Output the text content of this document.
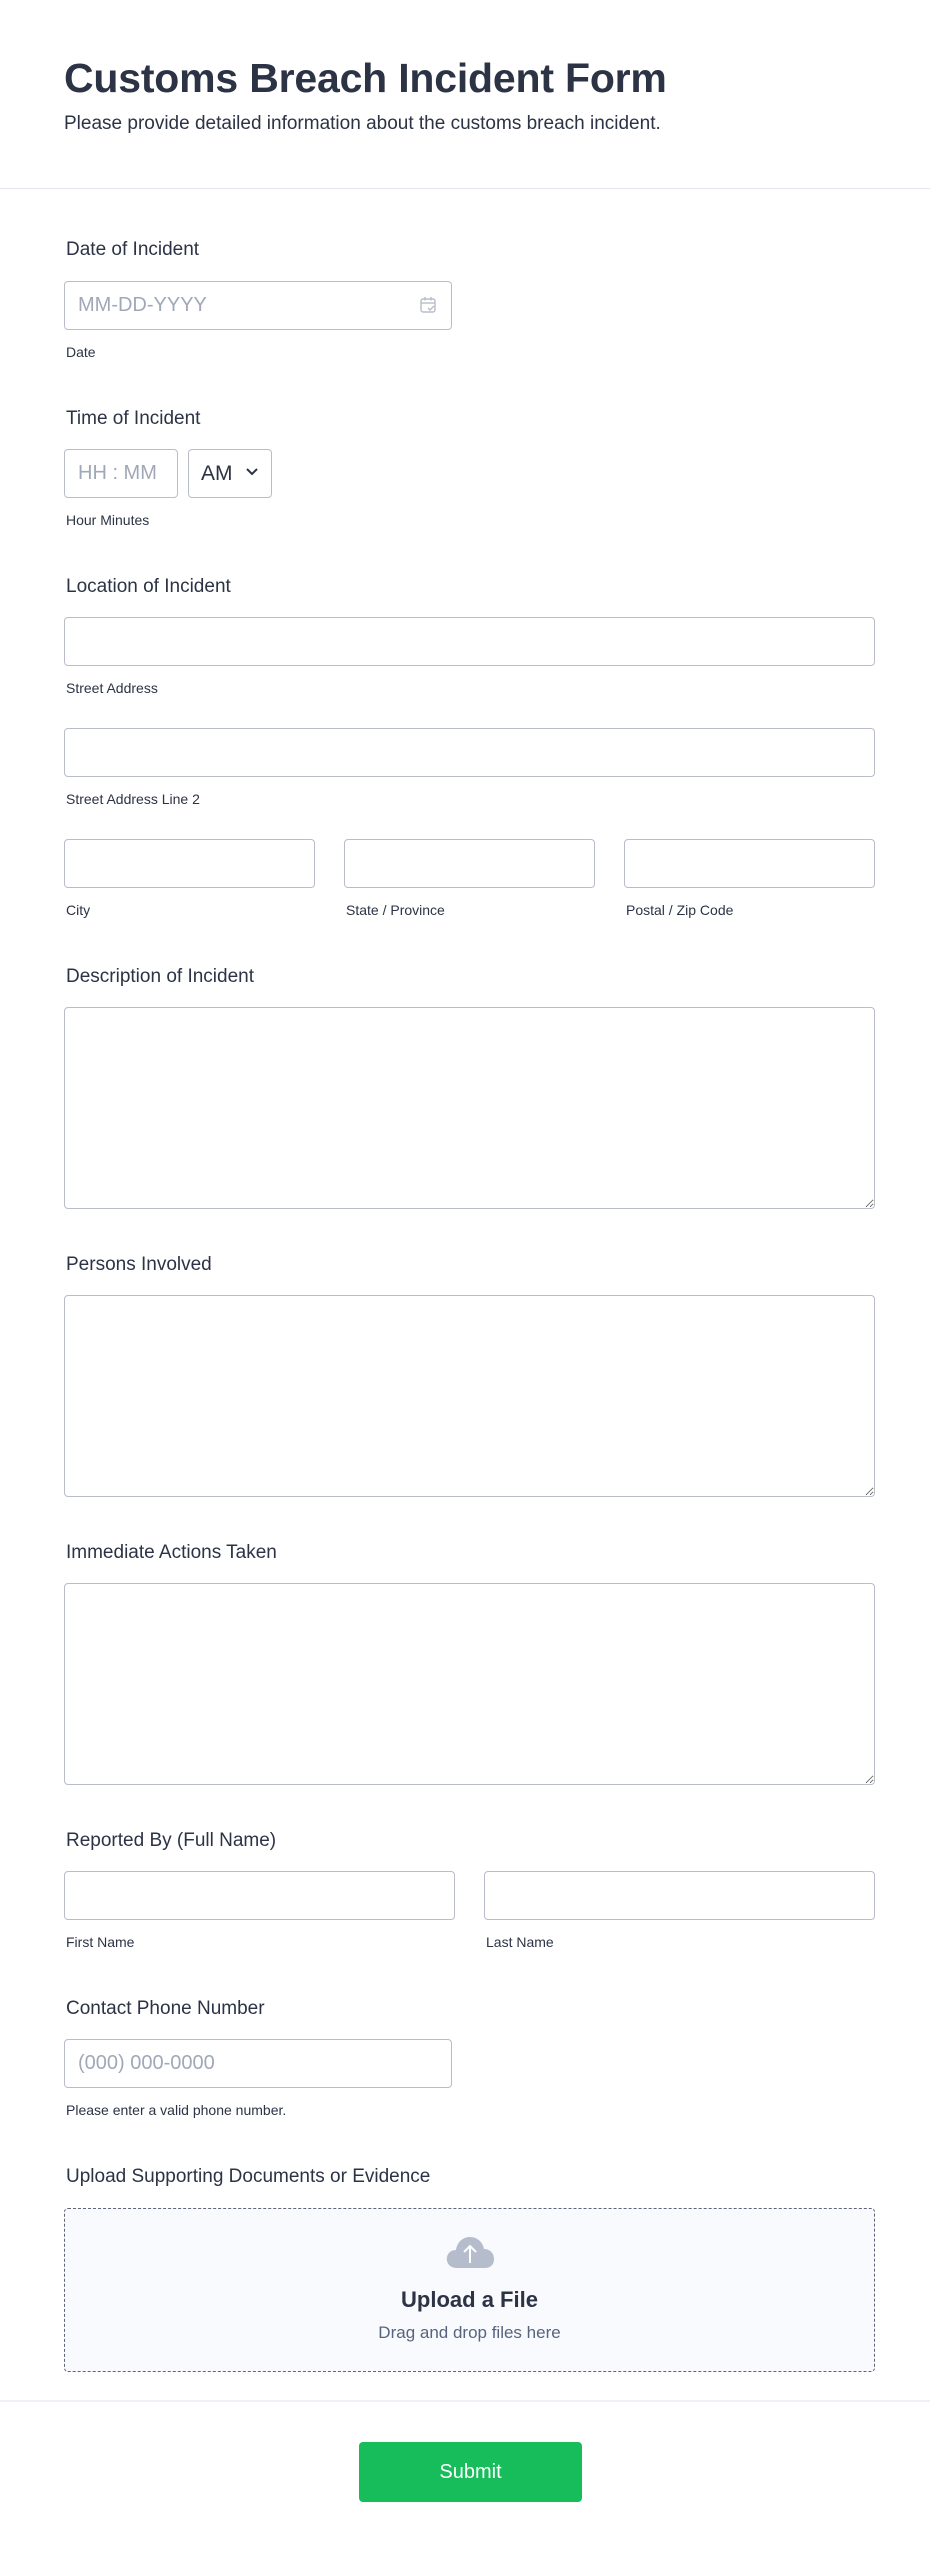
Customs Breach Incident Form

Please provide detailed information about the customs breach incident.

Date of Incident
MM-DD-YYYY
Date
Time of Incident
HH : MM
AM
Hour Minutes
Location of Incident
Street Address
Street Address Line 2
City	State / Province	Postal / Zip Code
Description of Incident
Persons Involved
Immediate Actions Taken
Reported By (Full Name)
First Name	Last Name
Contact Phone Number
(000) 000-0000
Please enter a valid phone number.
Upload Supporting Documents or Evidence
Upload a File
Drag and drop files here
Submit
